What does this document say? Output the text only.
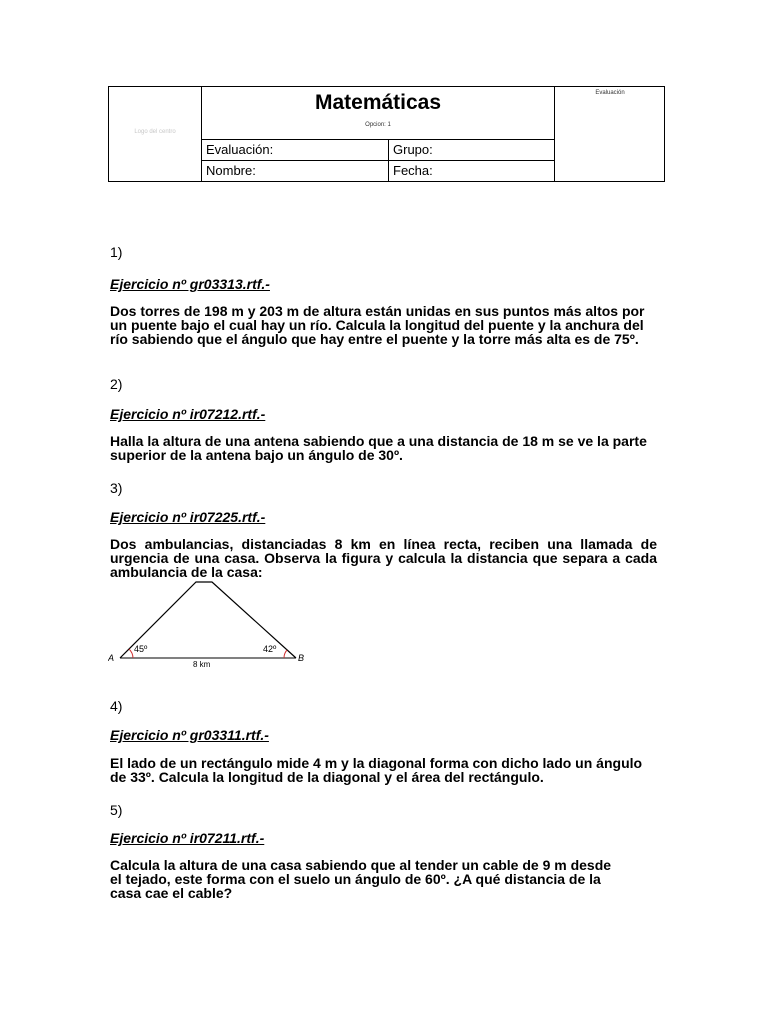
Logo del centro
Matemáticas
Opcion: 1
Evaluación
Evaluación:	Grupo:
Nombre:	Fecha:
1)
Ejercicio nº gr03313.rtf.-
Dos torres de 198 m y 203 m de altura están unidas en sus puntos más altos por un puente bajo el cual hay un río. Calcula la longitud del puente y la anchura del río sabiendo que el ángulo que hay entre el puente y la torre más alta es de 75º.
2)
Ejercicio nº ir07212.rtf.-
Halla la altura de una antena sabiendo que a una distancia de 18 m se ve la parte superior de la antena bajo un ángulo de 30º.
3)
Ejercicio nº ir07225.rtf.-
Dos ambulancias, distanciadas 8 km en línea recta, reciben una llamada de urgencia de una casa. Observa la figura y calcula la distancia que separa a cada ambulancia de la casa:
A	B
45º	42º
8 km
4)
Ejercicio nº gr03311.rtf.-
El lado de un rectángulo mide 4 m y la diagonal forma con dicho lado un ángulo de 33º. Calcula la longitud de la diagonal y el área del rectángulo.
5)
Ejercicio nº ir07211.rtf.-
Calcula la altura de una casa sabiendo que al tender un cable de 9 m desde el tejado, este forma con el suelo un ángulo de 60º. ¿A qué distancia de la casa cae el cable?
